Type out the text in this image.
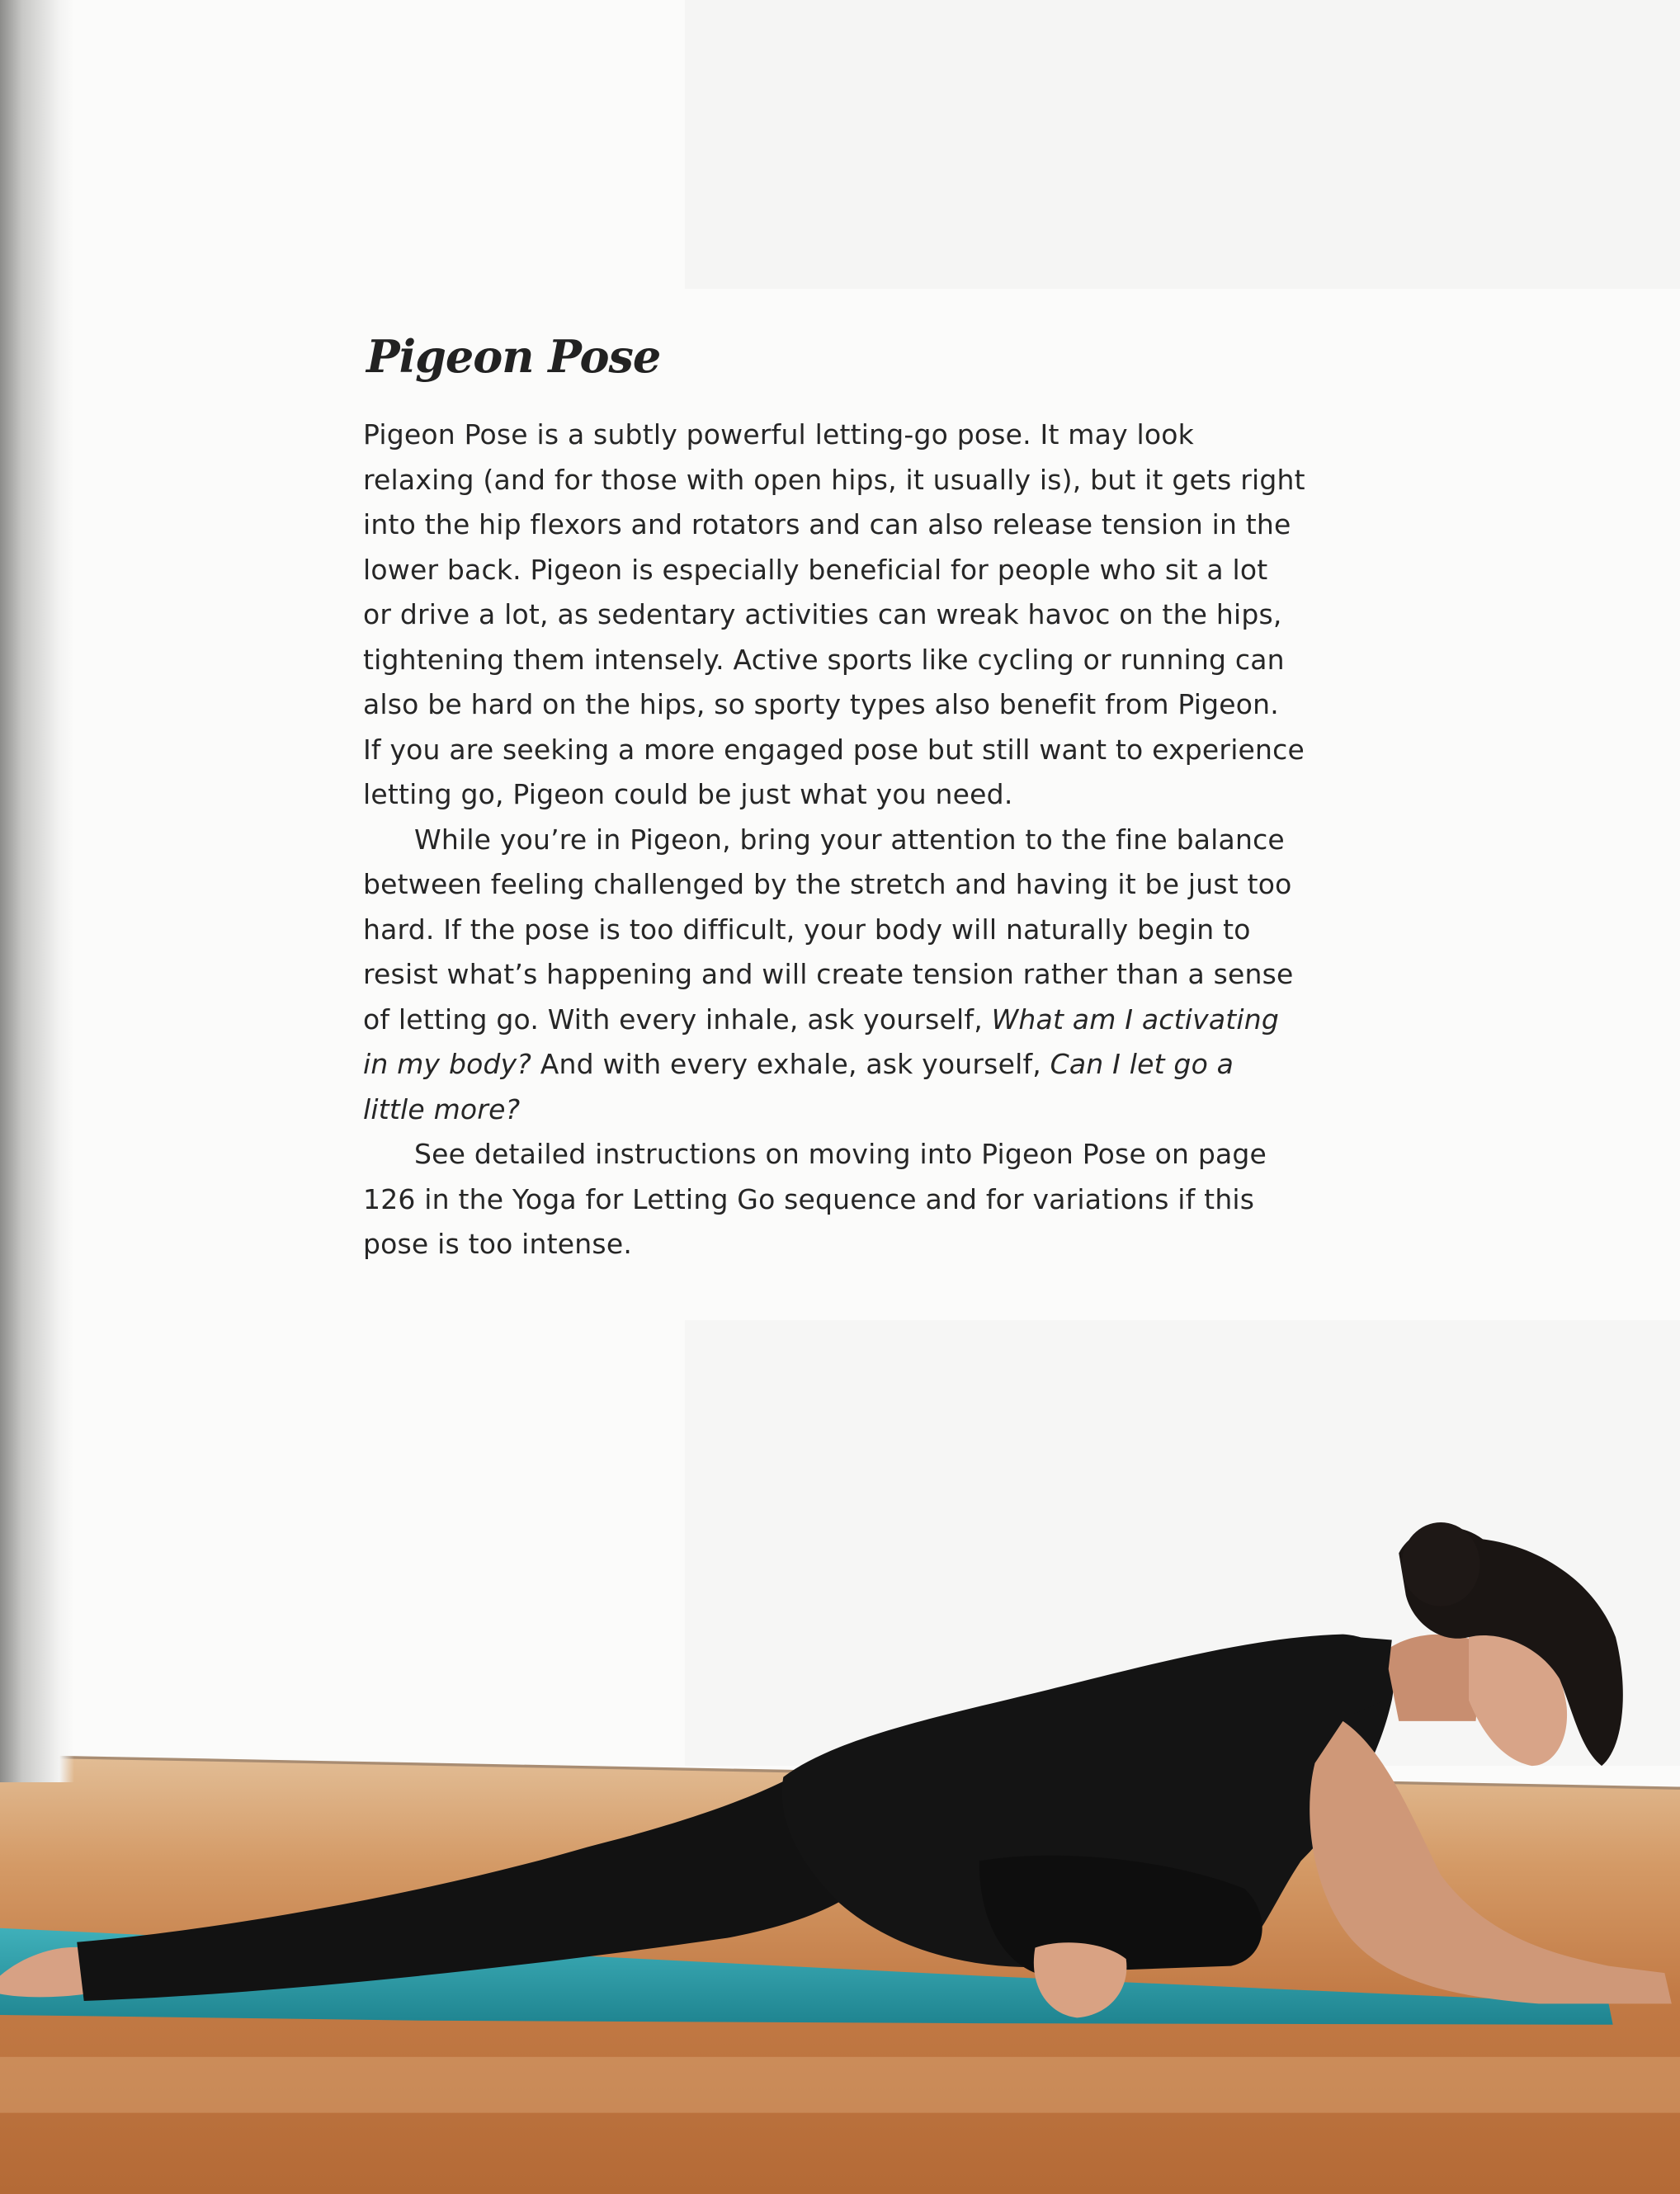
Pigeon Pose
Pigeon Pose is a subtly powerful letting-go pose. It may look
relaxing (and for those with open hips, it usually is), but it gets right
into the hip flexors and rotators and can also release tension in the
lower back. Pigeon is especially beneficial for people who sit a lot
or drive a lot, as sedentary activities can wreak havoc on the hips,
tightening them intensely. Active sports like cycling or running can
also be hard on the hips, so sporty types also benefit from Pigeon.
If you are seeking a more engaged pose but still want to experience
letting go, Pigeon could be just what you need.
While you’re in Pigeon, bring your attention to the fine balance
between feeling challenged by the stretch and having it be just too
hard. If the pose is too difficult, your body will naturally begin to
resist what’s happening and will create tension rather than a sense
of letting go. With every inhale, ask yourself, What am I activating
in my body? And with every exhale, ask yourself, Can I let go a
little more?
See detailed instructions on moving into Pigeon Pose on page
126 in the Yoga for Letting Go sequence and for variations if this
pose is too intense.
